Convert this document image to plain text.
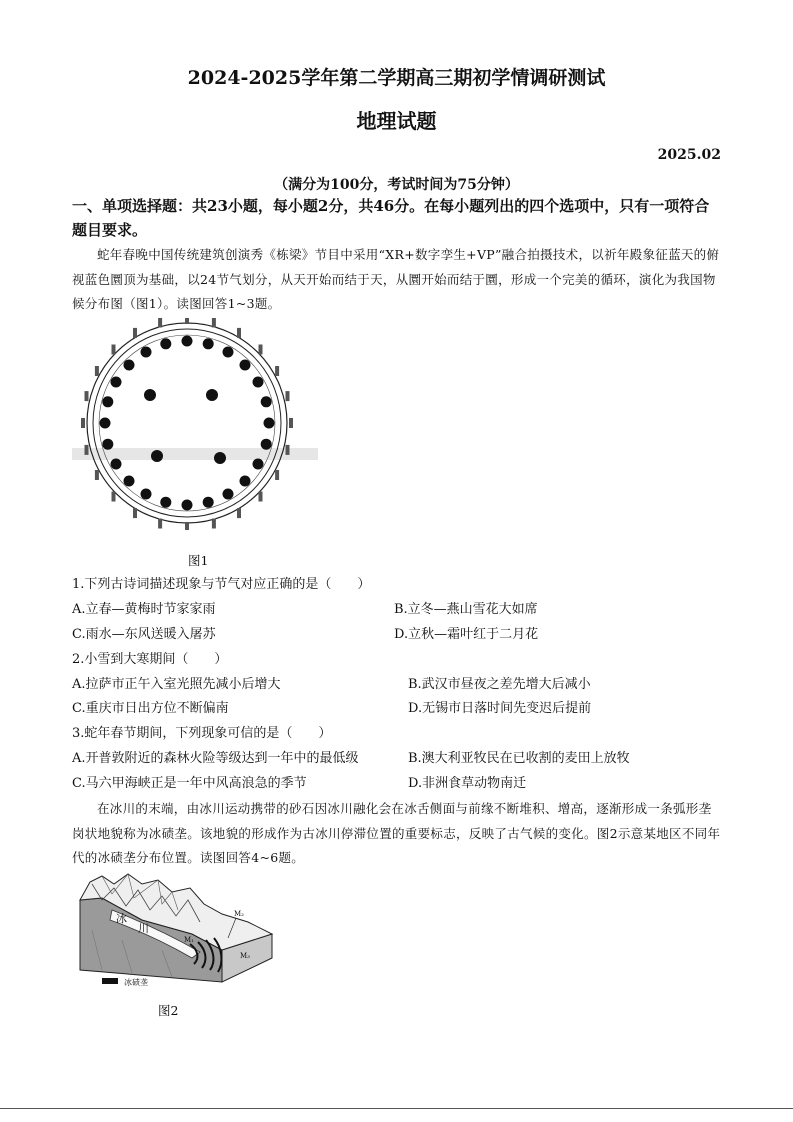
2024-2025学年第二学期高三期初学情调研测试
地理试题
2025.02
（满分为100分，考试时间为75分钟）
一、单项选择题：共23小题，每小题2分，共46分。在每小题列出的四个选项中，只有一项符合题目要求。
蛇年春晚中国传统建筑创演秀《栋梁》节目中采用“XR+数字孪生+VP”融合拍摄技术，以祈年殿象征蓝天的俯视蓝色圜顶为基础，以24节气划分，从天开始而结于天，从圜开始而结于圜，形成一个完美的循环，演化为我国物候分布图（图1）。读图回答1~3题。
图1
1.下列古诗词描述现象与节气对应正确的是（　　）
A.立春—黄梅时节家家雨	B.立冬—燕山雪花大如席
C.雨水—东风送暖入屠苏	D.立秋—霜叶红于二月花
2.小雪到大寒期间（　　）
A.拉萨市正午入室光照先减小后增大	B.武汉市昼夜之差先增大后减小
C.重庆市日出方位不断偏南	D.无锡市日落时间先变迟后提前
3.蛇年春节期间，下列现象可信的是（　　）
A.开普敦附近的森林火险等级达到一年中的最低级	B.澳大利亚牧民在已收割的麦田上放牧
C.马六甲海峡正是一年中风高浪急的季节	D.非洲食草动物南迁
在冰川的末端，由冰川运动携带的砂石因冰川融化会在冰舌侧面与前缘不断堆积、增高，逐渐形成一条弧形垄岗状地貌称为冰碛垄。该地貌的形成作为古冰川停滞位置的重要标志，反映了古气候的变化。图2示意某地区不同年代的冰碛垄分布位置。读图回答4~6题。
冰
川
M₁
M₂
M₃
冰碛垄
图2
